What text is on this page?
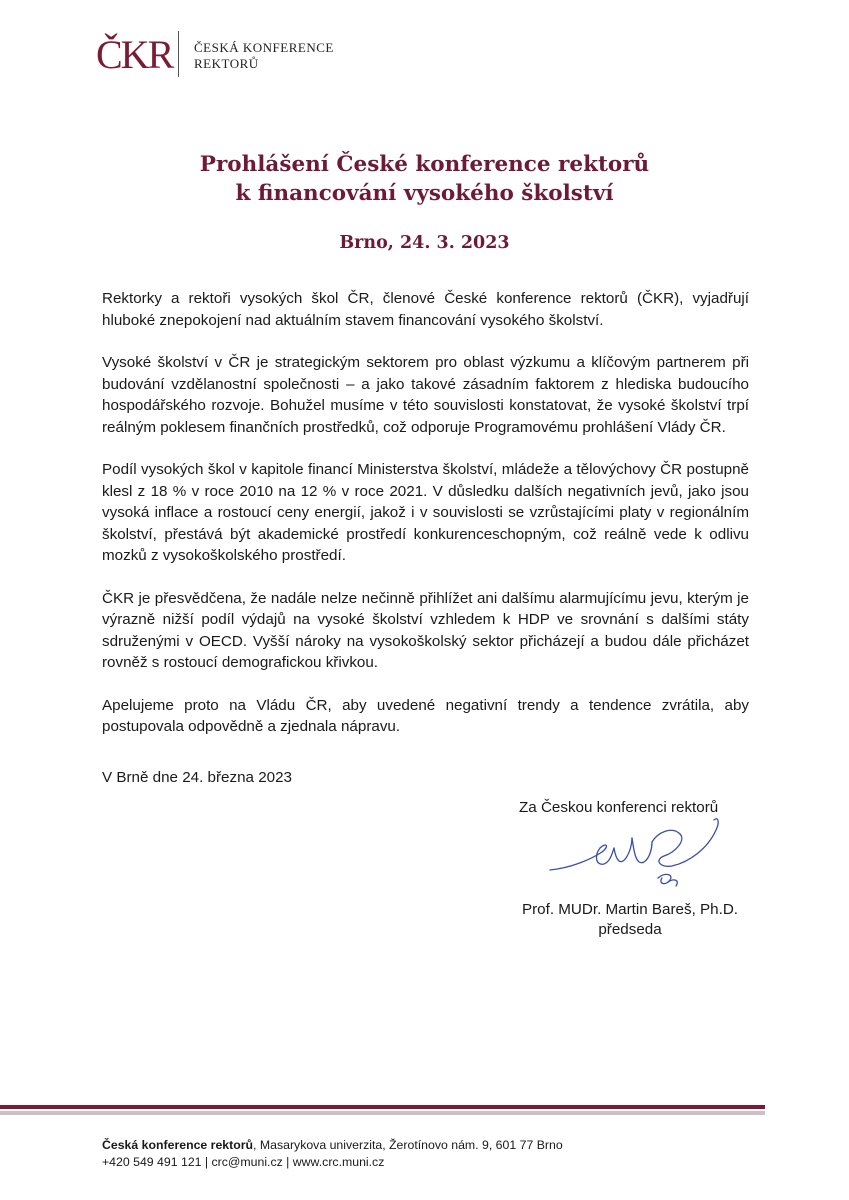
ČKR ČESKÁ KONFERENCE
REKTORŮ
Prohlášení České konference rektorů
k financování vysokého školství
Brno, 24. 3. 2023

Rektorky a rektoři vysokých škol ČR, členové České konference rektorů (ČKR), vyjadřují hluboké znepokojení nad aktuálním stavem financování vysokého školství.

Vysoké školství v ČR je strategickým sektorem pro oblast výzkumu a klíčovým partnerem při budování vzdělanostní společnosti – a jako takové zásadním faktorem z hlediska budoucího hospodářského rozvoje. Bohužel musíme v této souvislosti konstatovat, že vysoké školství trpí reálným poklesem finančních prostředků, což odporuje Programovému prohlášení Vlády ČR.

Podíl vysokých škol v kapitole financí Ministerstva školství, mládeže a tělovýchovy ČR postupně klesl z 18 % v roce 2010 na 12 % v roce 2021. V důsledku dalších negativních jevů, jako jsou vysoká inflace a rostoucí ceny energií, jakož i v souvislosti se vzrůstajícími platy v regionálním školství, přestává být akademické prostředí konkurenceschopným, což reálně vede k odlivu mozků z vysokoškolského prostředí.

ČKR je přesvědčena, že nadále nelze nečinně přihlížet ani dalšímu alarmujícímu jevu, kterým je výrazně nižší podíl výdajů na vysoké školství vzhledem k HDP ve srovnání s dalšími státy sdruženými v OECD. Vyšší nároky na vysokoškolský sektor přicházejí a budou dále přicházet rovněž s rostoucí demografickou křivkou.

Apelujeme proto na Vládu ČR, aby uvedené negativní trendy a tendence zvrátila, aby postupovala odpovědně a zjednala nápravu.

V Brně dne 24. března 2023
Za Českou konferenci rektorů
Prof. MUDr. Martin Bareš, Ph.D.
předseda
Česká konference rektorů, Masarykova univerzita, Žerotínovo nám. 9, 601 77 Brno
+420 549 491 121 | crc@muni.cz | www.crc.muni.cz
